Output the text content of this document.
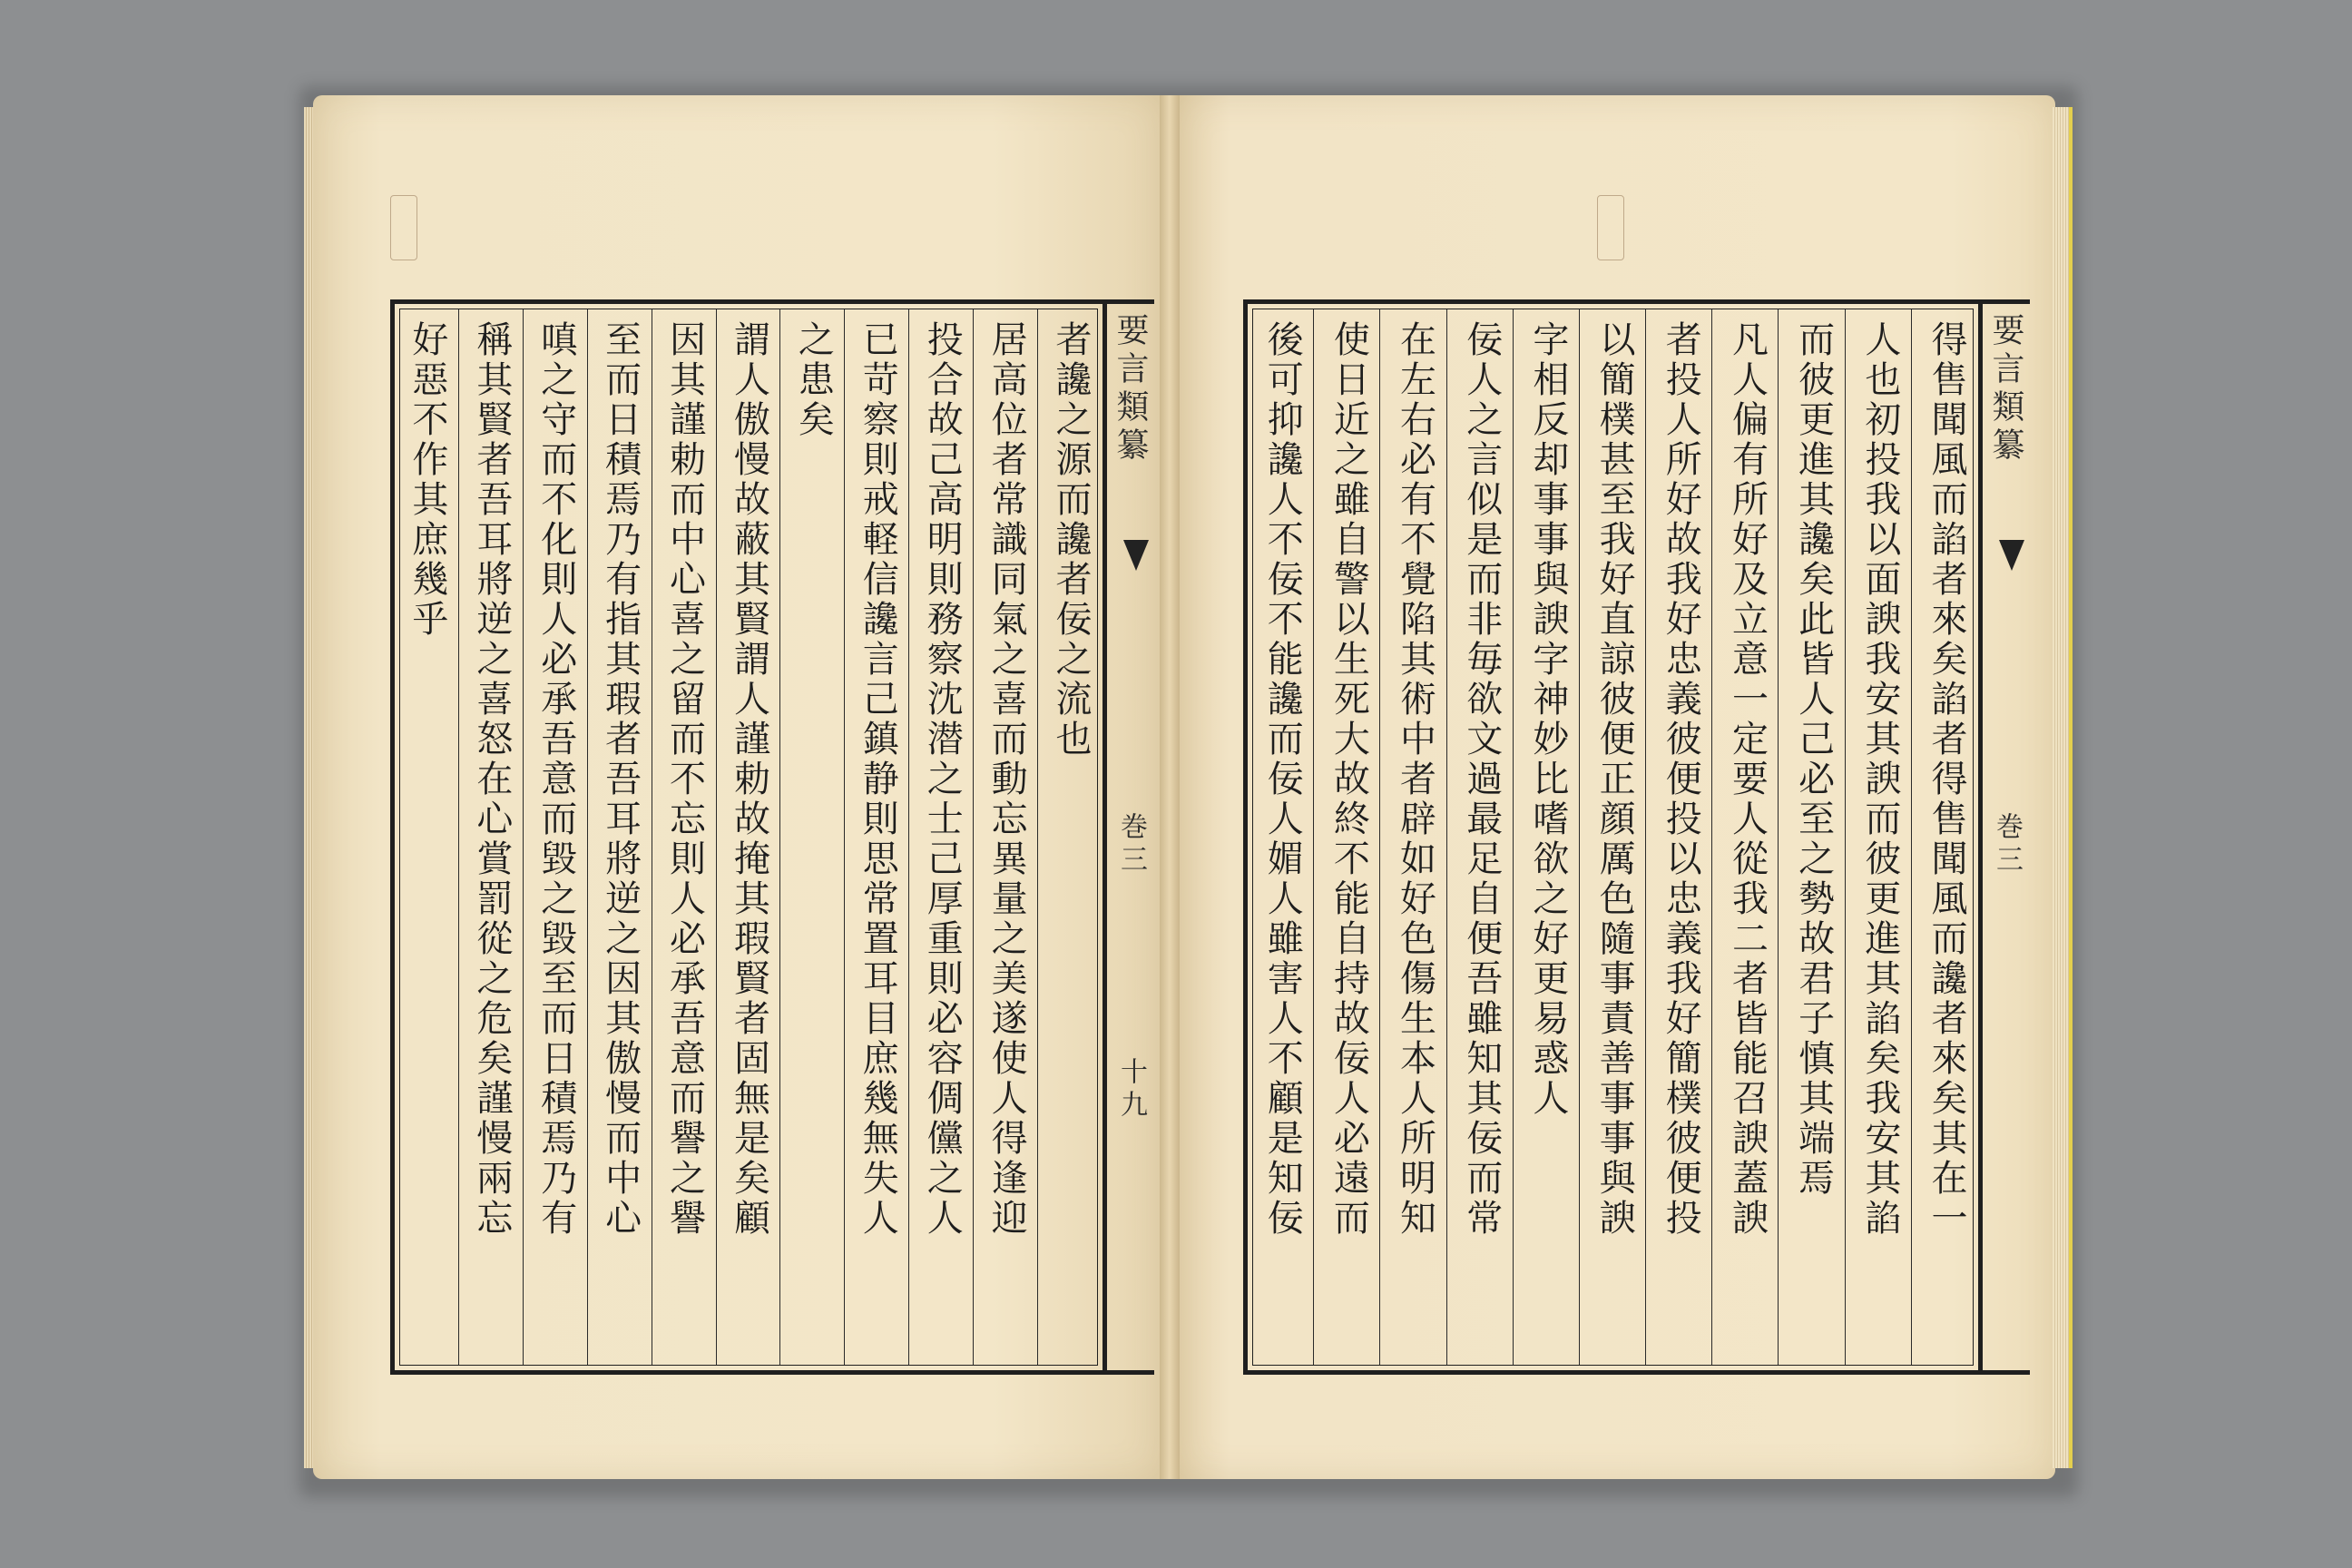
者讒之源而讒者佞之流也
居高位者常識同氣之喜而動忘異量之美遂使人得逢迎
投合故己高明則務察沈潜之士己厚重則必容倜儻之人
已苛察則戒軽信讒言己鎮静則思常置耳目庶幾無失人
之患矣
謂人傲慢故蔽其賢謂人謹勅故掩其瑕賢者固無是矣顧
因其謹勅而中心喜之留而不忘則人必承吾意而譽之譽
至而日積焉乃有指其瑕者吾耳將逆之因其傲慢而中心
嗔之守而不化則人必承吾意而毀之毀至而日積焉乃有
稱其賢者吾耳將逆之喜怒在心賞罰從之危矣謹慢兩忘
好惡不作其庶幾乎	要言類纂
巻三
十九	得售聞風而諂者來矣諂者得售聞風而讒者來矣其在一
人也初投我以面諛我安其諛而彼更進其諂矣我安其諂
而彼更進其讒矣此皆人己必至之勢故君子慎其端焉
凡人偏有所好及立意一定要人從我二者皆能召諛蓋諛
者投人所好故我好忠義彼便投以忠義我好簡樸彼便投
以簡樸甚至我好直諒彼便正顔厲色隨事責善事事與諛
字相反却事事與諛字神妙比嗜欲之好更易惑人
佞人之言似是而非毎欲文過最足自便吾雖知其佞而常
在左右必有不覺陷其術中者辟如好色傷生本人所明知
使日近之雖自警以生死大故終不能自持故佞人必遠而
後可抑讒人不佞不能讒而佞人媚人雖害人不顧是知佞	要言類纂
巻三
